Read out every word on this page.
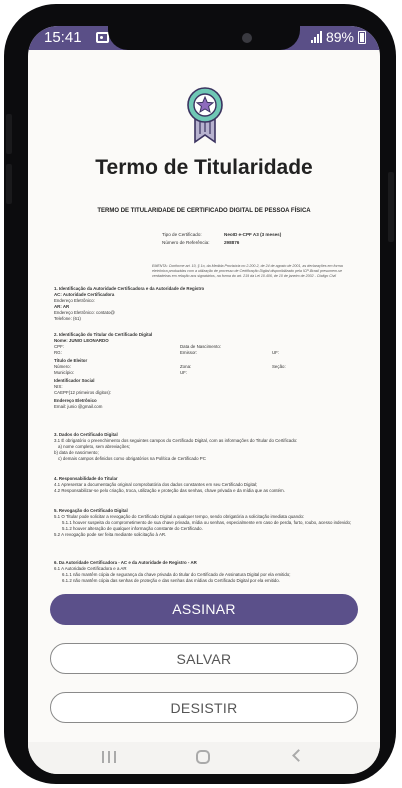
15:41	89%
Termo de Titularidade
TERMO DE TITULARIDADE DE CERTIFICADO DIGITAL DE PESSOA FÍSICA
Tipo de Certificado:	NeoID e-CPF A3 (3 meses)
Número de Referência:	298876
EMENTA: Conforme art. 10, § 1o, da Medida Provisória no 2.200-2, de 24 de agosto de 2001, as declarações em forma eletrônica produzidas com a utilização de processo de Certificação Digital disponibilizado pela ICP-Brasil presumem-se verdadeiras em relação aos signatários, na forma do art. 219 da Lei 10.406, de 10 de janeiro de 2002 - Código Civil
1. Identificação da Autoridade Certificadora e da Autoridade de Registro
AC: Autoridade Certificadora
Endereço Eletrônico:
AR: AR
Endereço Eletrônico: contato@
Telefone: (61)
2. Identificação do Titular do Certificado Digital
Nome: JUNIO LEONARDO
CPF:	Data de Nascimento:
RG:	Emissor:	UF:
Título de Eleitor
Número:	Zona:	Seção:
Município:	UF:
Identificador Social
NIS:
CAEPF(12 primeiros dígitos):
Endereço Eletrônico
Email: junio @gmail.com
3. Dados do Certificado Digital
3.1 É obrigatório o preenchimento dos seguintes campos do Certificado Digital, com as informações do Titular do Certificado:
a) nome completo, sem abreviações;
b) data de nascimento;
c) demais campos definidos como obrigatórios na Política de Certificado PC
4. Responsabilidade do Titular
4.1 Apresentar a documentação original comprobatória dos dados constantes em seu Certificado Digital;
4.2 Responsabilizar-se pelo criação, troca, utilização e proteção das senhas, chave privada e da mídia que as contém.
5. Revogação do Certificado Digital
5.1 O Titular pode solicitar a revogação do Certificado Digital a qualquer tempo, sendo obrigatória a solicitação imediata quando:
5.1.1 houver suspeita do comprometimento de sua chave privada, mídia ou senhas, especialmente em caso de perda, furto, roubo, acesso indevido;
5.1.2 houver alteração de qualquer informação constante do Certificado.
5.2 A revogação pode ser feita mediante solicitação à AR.
6. Da Autoridade Certificadora - AC e da Autoridade de Registro - AR
6.1 A Autoridade Certificadora e a AR
6.1.1 não mantêm cópia de segurança da chave privada do titular do Certificado de Assinatura Digital por ela emitido;
6.1.2 não mantêm cópia das senhas de proteção e das senhas das mídias do Certificado Digital por ela emitido.
ASSINAR
SALVAR
DESISTIR
